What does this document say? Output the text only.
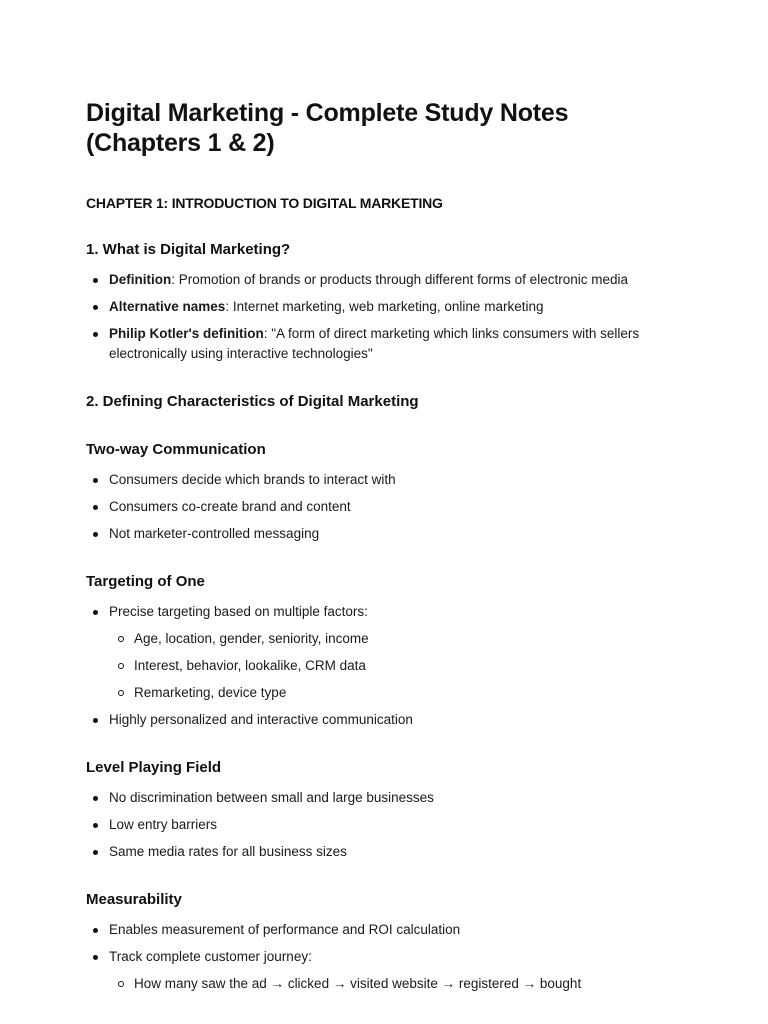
Digital Marketing - Complete Study Notes (Chapters 1 & 2)
CHAPTER 1: INTRODUCTION TO DIGITAL MARKETING
1. What is Digital Marketing?
Definition: Promotion of brands or products through different forms of electronic media
Alternative names: Internet marketing, web marketing, online marketing
Philip Kotler's definition: "A form of direct marketing which links consumers with sellers electronically using interactive technologies"
2. Defining Characteristics of Digital Marketing
Two-way Communication
Consumers decide which brands to interact with
Consumers co-create brand and content
Not marketer-controlled messaging
Targeting of One
Precise targeting based on multiple factors:
Age, location, gender, seniority, income
Interest, behavior, lookalike, CRM data
Remarketing, device type
Highly personalized and interactive communication
Level Playing Field
No discrimination between small and large businesses
Low entry barriers
Same media rates for all business sizes
Measurability
Enables measurement of performance and ROI calculation
Track complete customer journey:
How many saw the ad → clicked → visited website → registered → bought
